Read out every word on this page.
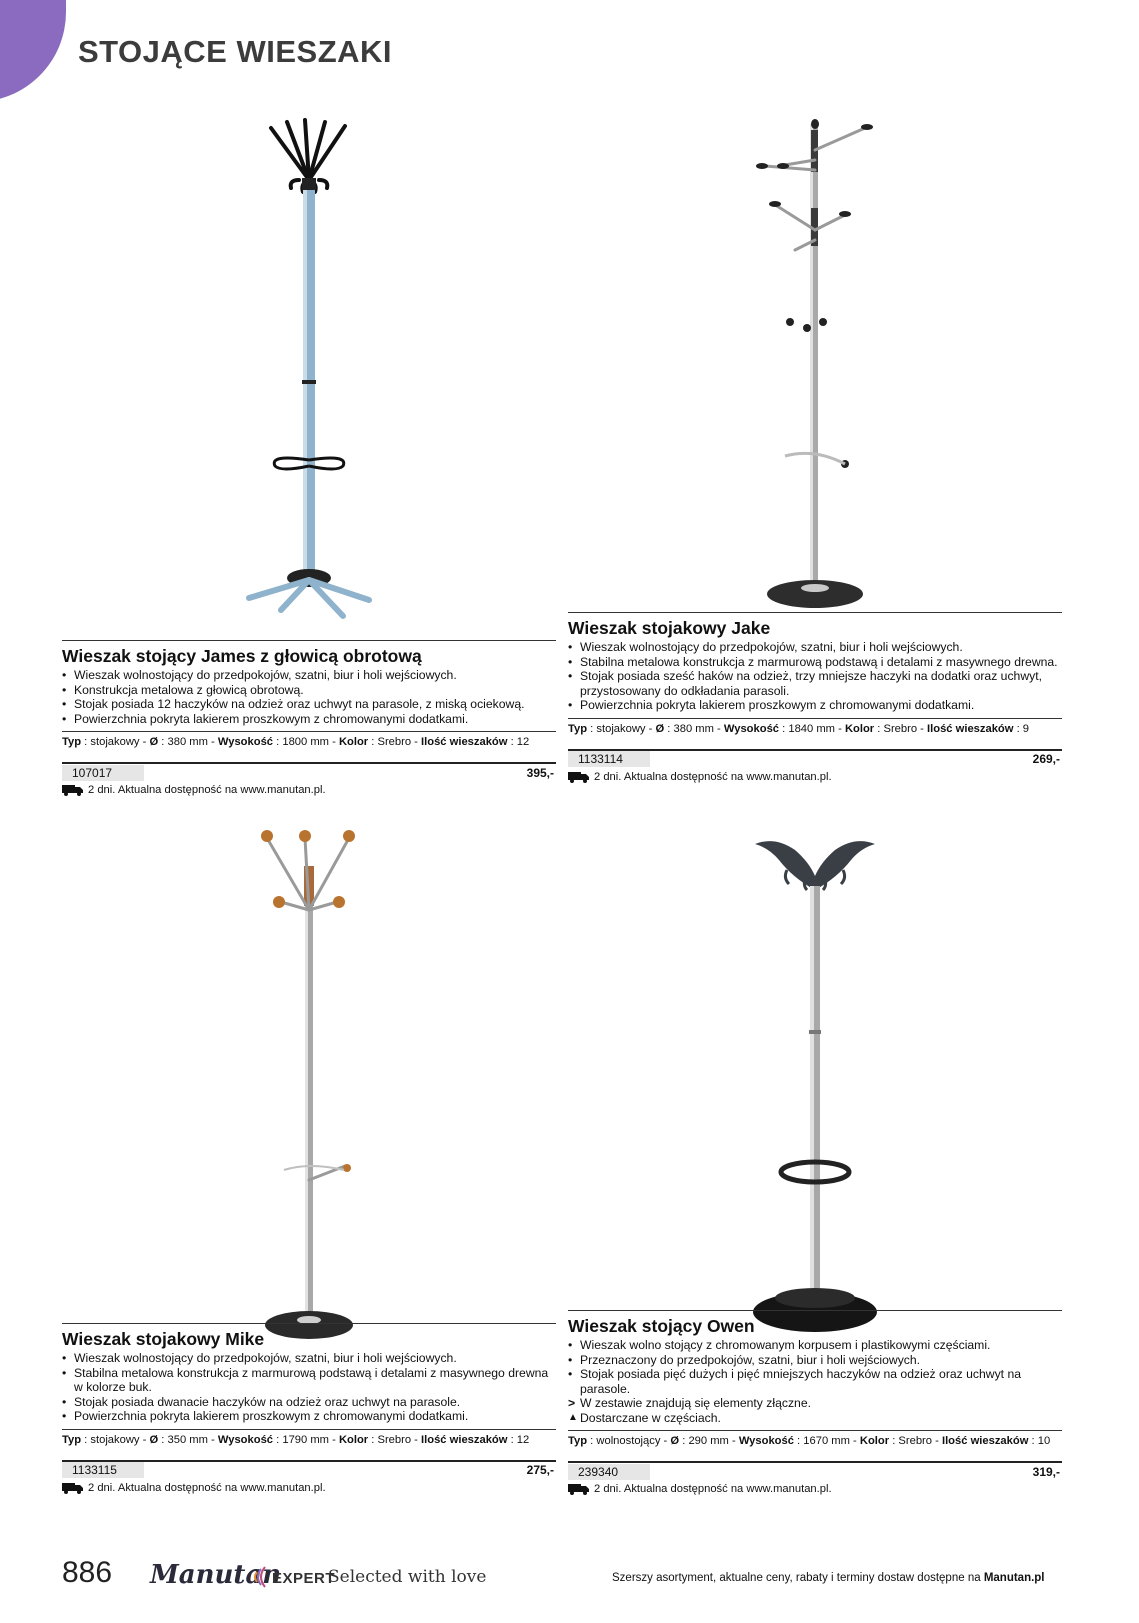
STOJĄCE WIESZAKI
Wieszak stojący James z głowicą obrotową
• Wieszak wolnostojący do przedpokojów, szatni, biur i holi wejściowych.
• Konstrukcja metalowa z głowicą obrotową.
• Stojak posiada 12 haczyków na odzież oraz uchwyt na parasole, z miską ociekową.
• Powierzchnia pokryta lakierem proszkowym z chromowanymi dodatkami.
Typ : stojakowy - Ø : 380 mm - Wysokość : 1800 mm - Kolor : Srebro - Ilość wieszaków : 12
107017	395,-
2 dni. Aktualna dostępność na www.manutan.pl.
Wieszak stojakowy Jake
• Wieszak wolnostojący do przedpokojów, szatni, biur i holi wejściowych.
• Stabilna metalowa konstrukcja z marmurową podstawą i detalami z masywnego drewna.
• Stojak posiada sześć haków na odzież, trzy mniejsze haczyki na dodatki oraz uchwyt, przystosowany do odkładania parasoli.
• Powierzchnia pokryta lakierem proszkowym z chromowanymi dodatkami.
Typ : stojakowy - Ø : 380 mm - Wysokość : 1840 mm - Kolor : Srebro - Ilość wieszaków : 9
1133114	269,-
2 dni. Aktualna dostępność na www.manutan.pl.
Wieszak stojakowy Mike
• Wieszak wolnostojący do przedpokojów, szatni, biur i holi wejściowych.
• Stabilna metalowa konstrukcja z marmurową podstawą i detalami z masywnego drewna w kolorze buk.
• Stojak posiada dwanacie haczyków na odzież oraz uchwyt na parasole.
• Powierzchnia pokryta lakierem proszkowym z chromowanymi dodatkami.
Typ : stojakowy - Ø : 350 mm - Wysokość : 1790 mm - Kolor : Srebro - Ilość wieszaków : 12
1133115	275,-
2 dni. Aktualna dostępność na www.manutan.pl.
Wieszak stojący Owen
• Wieszak wolno stojący z chromowanym korpusem i plastikowymi częściami.
• Przeznaczony do przedpokojów, szatni, biur i holi wejściowych.
• Stojak posiada pięć dużych i pięć mniejszych haczyków na odzież oraz uchwyt na parasole.
> W zestawie znajdują się elementy złączne.
▲ Dostarczane w częściach.
Typ : wolnostojący - Ø : 290 mm - Wysokość : 1670 mm - Kolor : Srebro - Ilość wieszaków : 10
239340	319,-
2 dni. Aktualna dostępność na www.manutan.pl.
886 Manutan
EXPERT
Selected with love	Szerszy asortyment, aktualne ceny, rabaty i terminy dostaw dostępne na Manutan.pl
